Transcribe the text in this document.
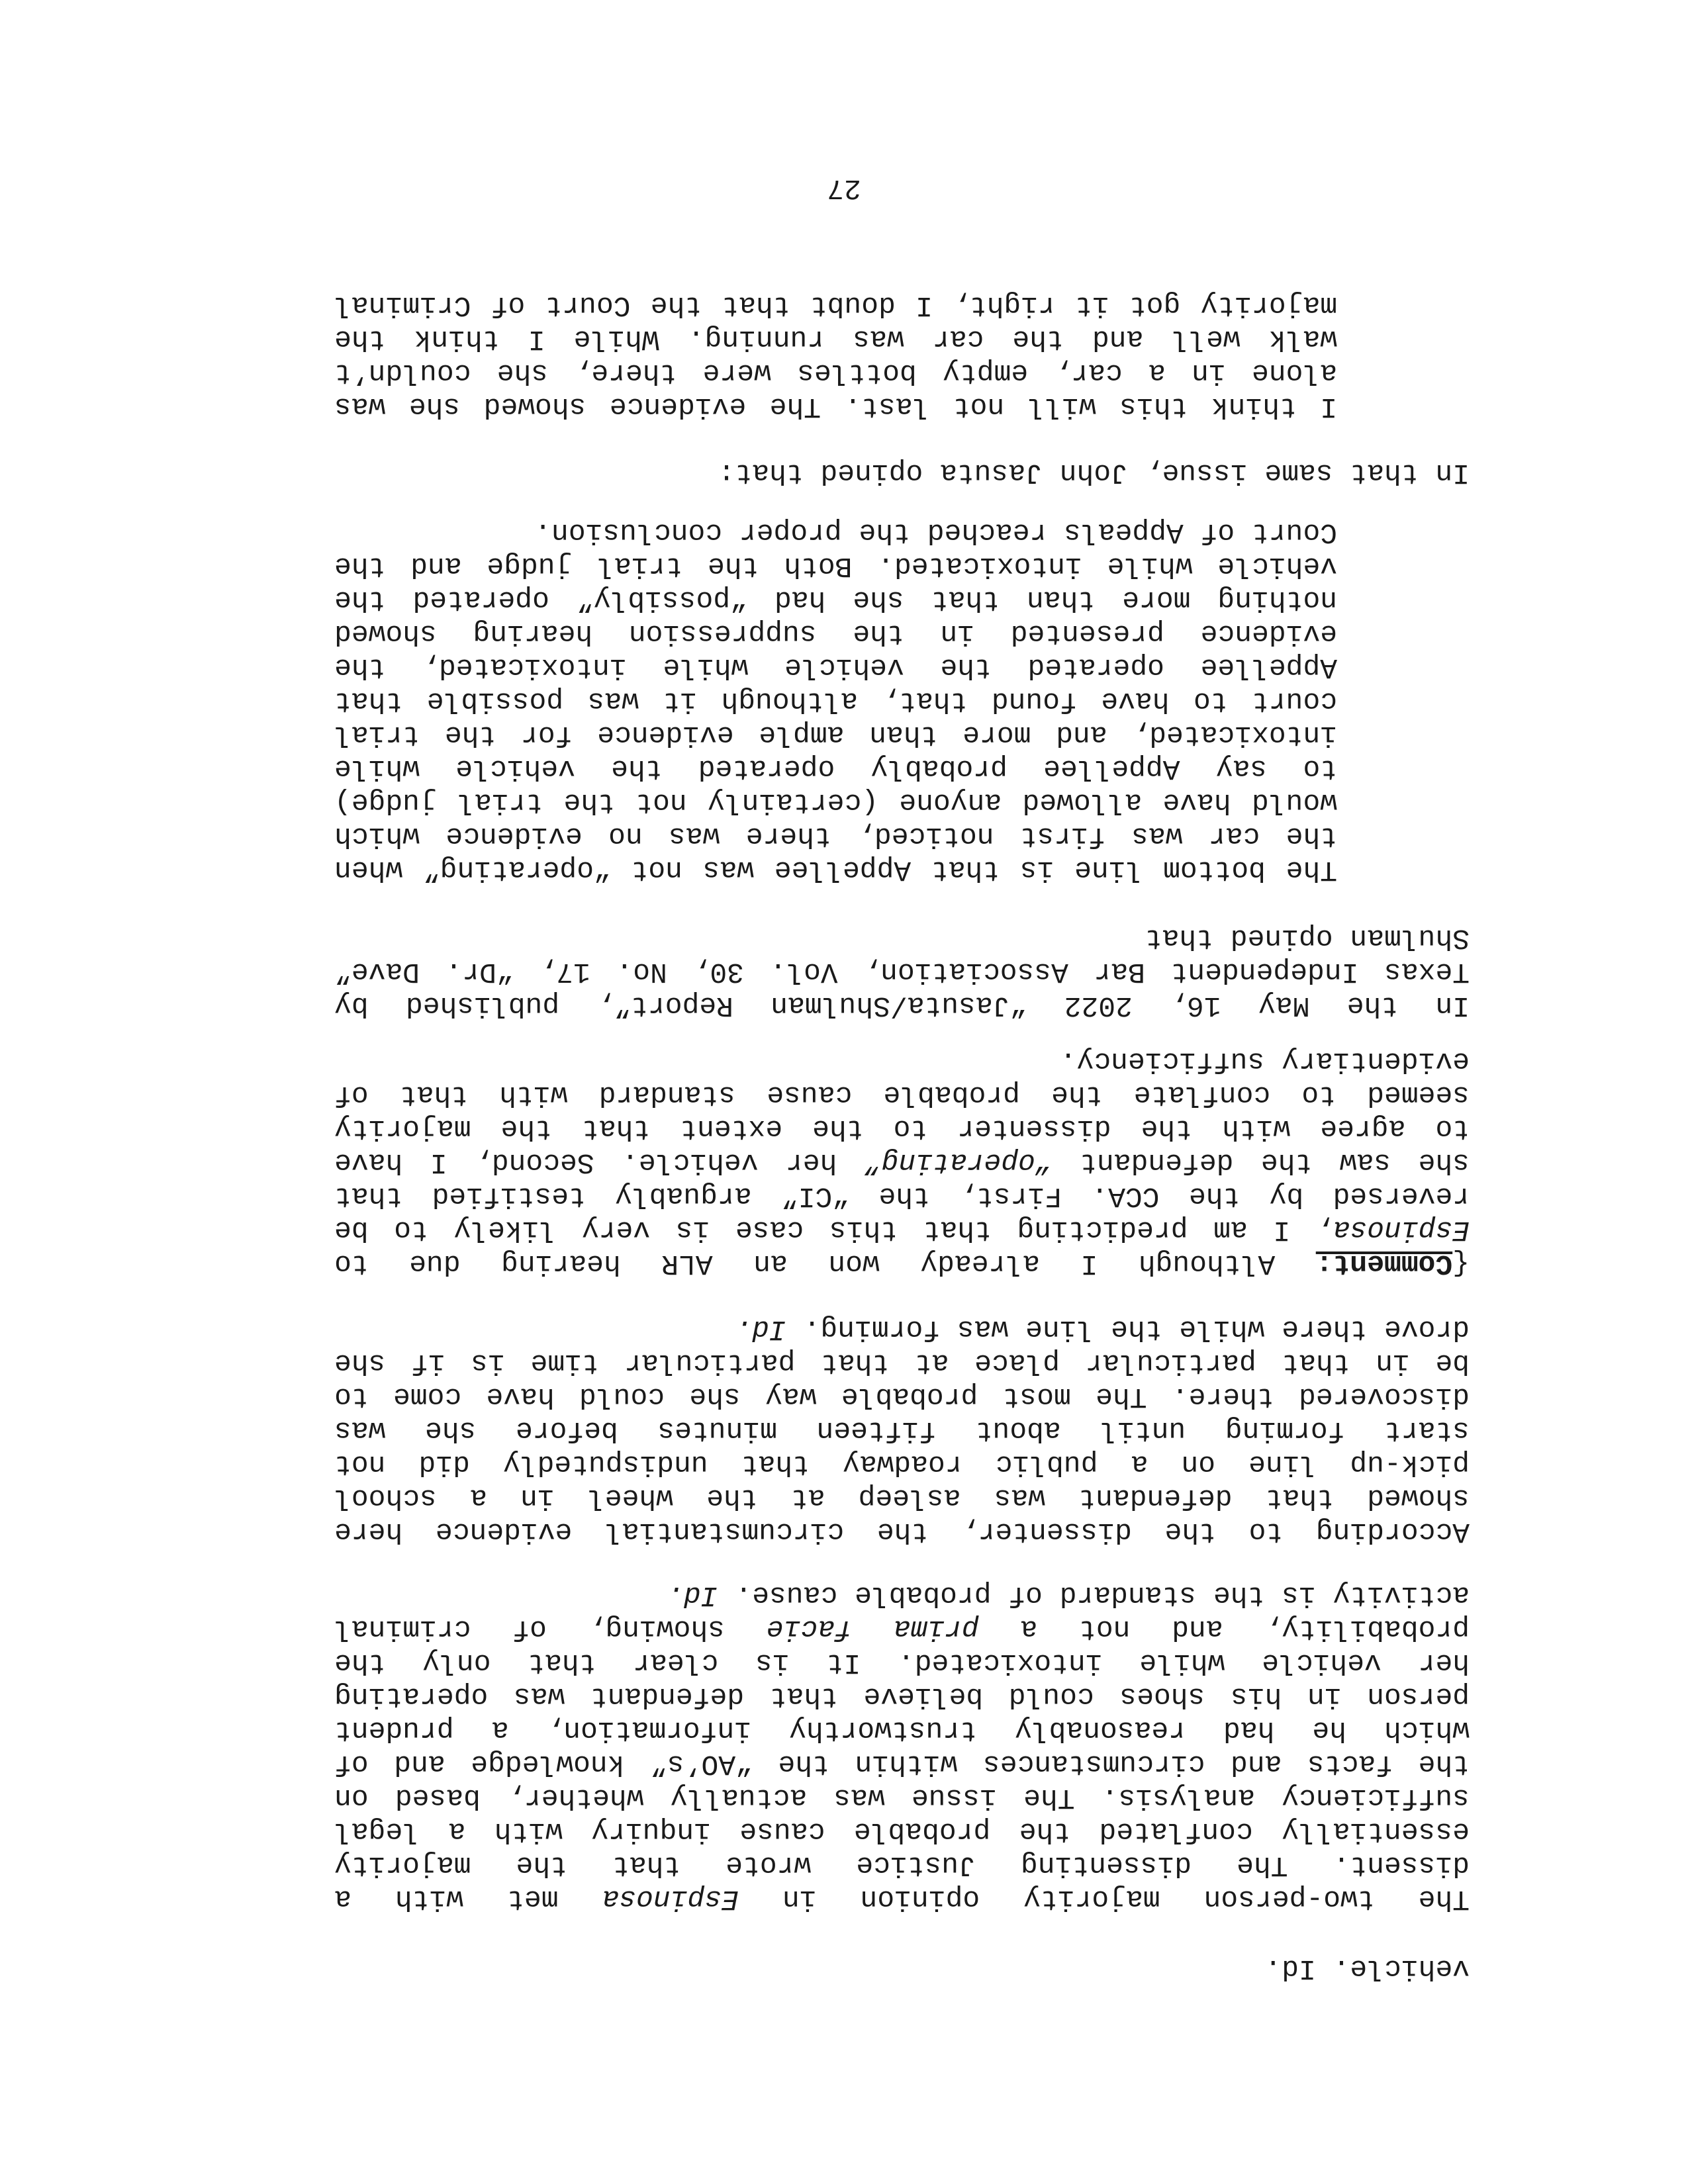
vehicle. Id.

The two-person majority opinion in Espinosa met with a
dissent. The dissenting Justice wrote that the majority
essentially conflated the probable cause inquiry with a legal
sufficiency analysis. The issue was actually whether, based on
the facts and circumstances within the “AO’s” knowledge and of
which he had reasonably trustworthy information, a prudent
person in his shoes could believe that defendant was operating
her vehicle while intoxicated. It is clear that only the
probability, and not a prima facie showing, of criminal
activity is the standard of probable cause. Id.
According to the dissenter, the circumstantial evidence here
showed that defendant was asleep at the wheel in a school
pick-up line on a public roadway that undisputedly did not
start forming until about fifteen minutes before she was
discovered there. The most probable way she could have come to
be in that particular place at that particular time is if she
drove there while the line was forming. Id.
{Comment: Although I already won an ALR hearing due to
Espinosa, I am predicting that this case is very likely to be
reversed by the CCA. First, the “CI” arguably testified that
she saw the defendant “operating” her vehicle. Second, I have
to agree with the dissenter to the extent that the majority
seemed to conflate the probable cause standard with that of
evidentiary sufficiency.
In the May 16, 2022 “Jasuta/Shulman Report”, published by
Texas Independent Bar Association, Vol. 30, No. 17, “Dr. Dave”
Shulman opined that
The bottom line is that Appellee was not “operating” when
the car was first noticed, there was no evidence which
would have allowed anyone (certainly not the trial judge)
to say Appellee probably operated the vehicle while
intoxicated, and more than ample evidence for the trial
court to have found that, although it was possible that
Appellee operated the vehicle while intoxicated, the
evidence presented in the suppression hearing showed
nothing more than that she had “possibly” operated the
vehicle while intoxicated. Both the trial judge and the
Court of Appeals reached the proper conclusion.

In that same issue, John Jasuta opined that:

I think this will not last. The evidence showed she was
alone in a car, empty bottles were there, she couldn’t
walk well and the car was running. While I think the
majority got it right, I doubt that the Court of Criminal

27
